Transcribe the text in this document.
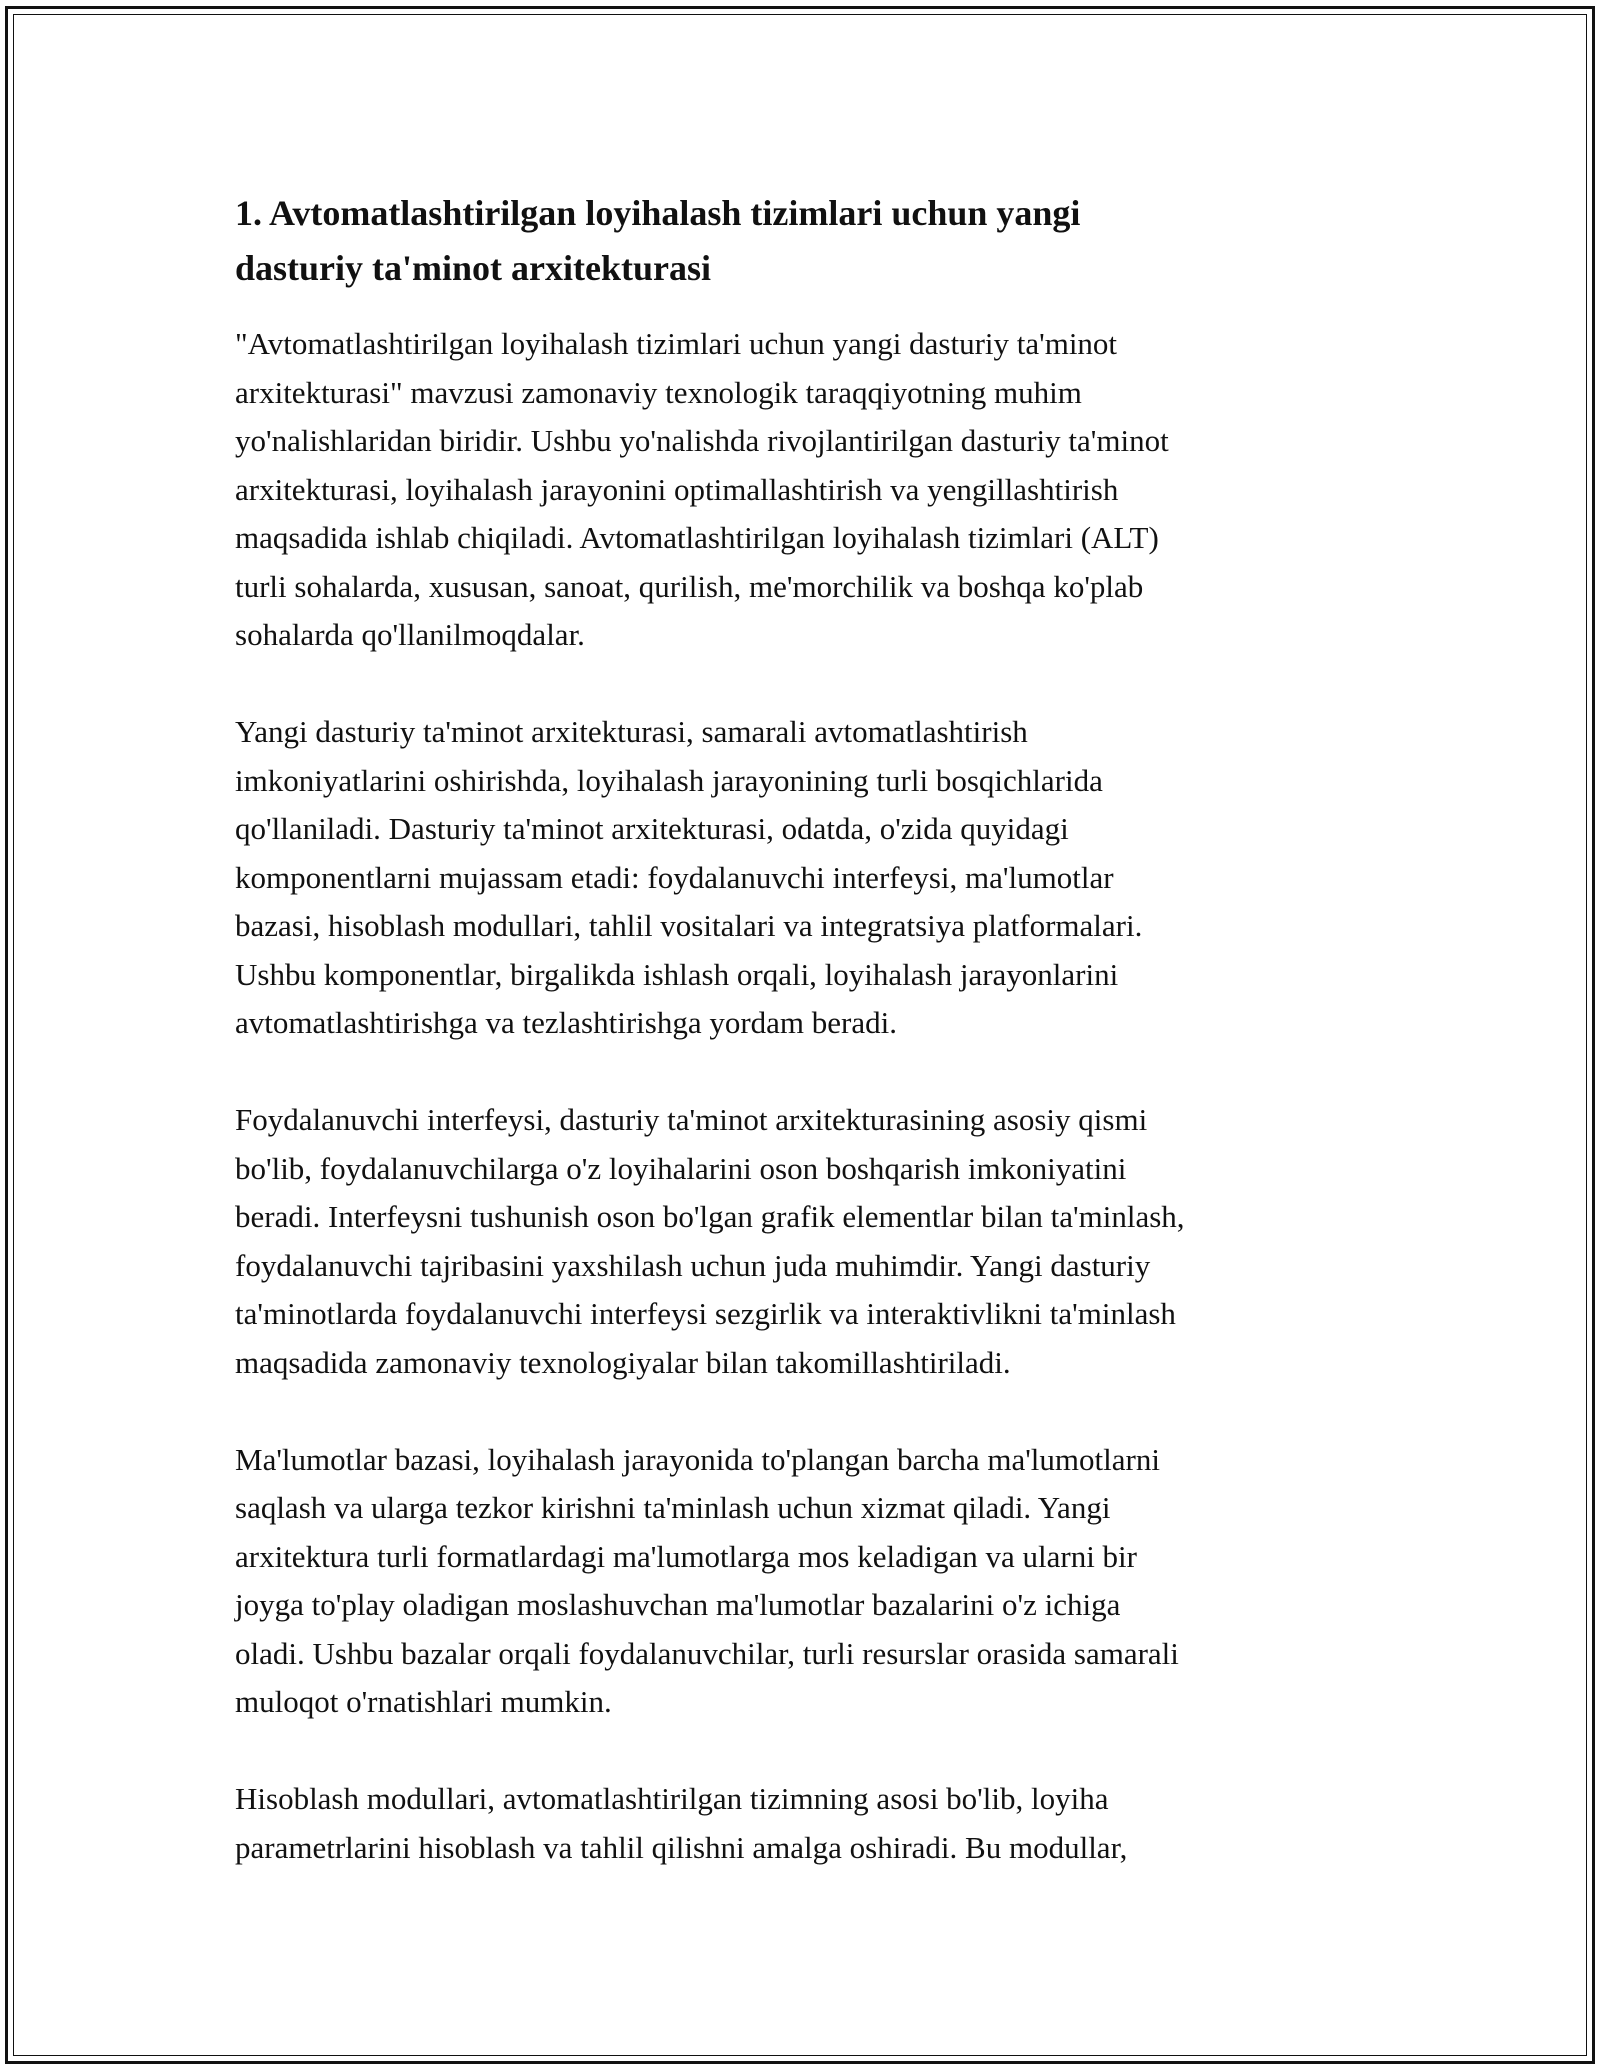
1. Avtomatlashtirilgan loyihalash tizimlari uchun yangi
dasturiy ta'minot arxitekturasi

"Avtomatlashtirilgan loyihalash tizimlari uchun yangi dasturiy ta'minot

arxitekturasi" mavzusi zamonaviy texnologik taraqqiyotning muhim

yo'nalishlaridan biridir. Ushbu yo'nalishda rivojlantirilgan dasturiy ta'minot

arxitekturasi, loyihalash jarayonini optimallashtirish va yengillashtirish

maqsadida ishlab chiqiladi. Avtomatlashtirilgan loyihalash tizimlari (ALT)

turli sohalarda, xususan, sanoat, qurilish, me'morchilik va boshqa ko'plab

sohalarda qo'llanilmoqdalar.

Yangi dasturiy ta'minot arxitekturasi, samarali avtomatlashtirish

imkoniyatlarini oshirishda, loyihalash jarayonining turli bosqichlarida

qo'llaniladi. Dasturiy ta'minot arxitekturasi, odatda, o'zida quyidagi

komponentlarni mujassam etadi: foydalanuvchi interfeysi, ma'lumotlar

bazasi, hisoblash modullari, tahlil vositalari va integratsiya platformalari.

Ushbu komponentlar, birgalikda ishlash orqali, loyihalash jarayonlarini

avtomatlashtirishga va tezlashtirishga yordam beradi.

Foydalanuvchi interfeysi, dasturiy ta'minot arxitekturasining asosiy qismi

bo'lib, foydalanuvchilarga o'z loyihalarini oson boshqarish imkoniyatini

beradi. Interfeysni tushunish oson bo'lgan grafik elementlar bilan ta'minlash,

foydalanuvchi tajribasini yaxshilash uchun juda muhimdir. Yangi dasturiy

ta'minotlarda foydalanuvchi interfeysi sezgirlik va interaktivlikni ta'minlash

maqsadida zamonaviy texnologiyalar bilan takomillashtiriladi.

Ma'lumotlar bazasi, loyihalash jarayonida to'plangan barcha ma'lumotlarni

saqlash va ularga tezkor kirishni ta'minlash uchun xizmat qiladi. Yangi

arxitektura turli formatlardagi ma'lumotlarga mos keladigan va ularni bir

joyga to'play oladigan moslashuvchan ma'lumotlar bazalarini o'z ichiga

oladi. Ushbu bazalar orqali foydalanuvchilar, turli resurslar orasida samarali

muloqot o'rnatishlari mumkin.

Hisoblash modullari, avtomatlashtirilgan tizimning asosi bo'lib, loyiha

parametrlarini hisoblash va tahlil qilishni amalga oshiradi. Bu modullar,
